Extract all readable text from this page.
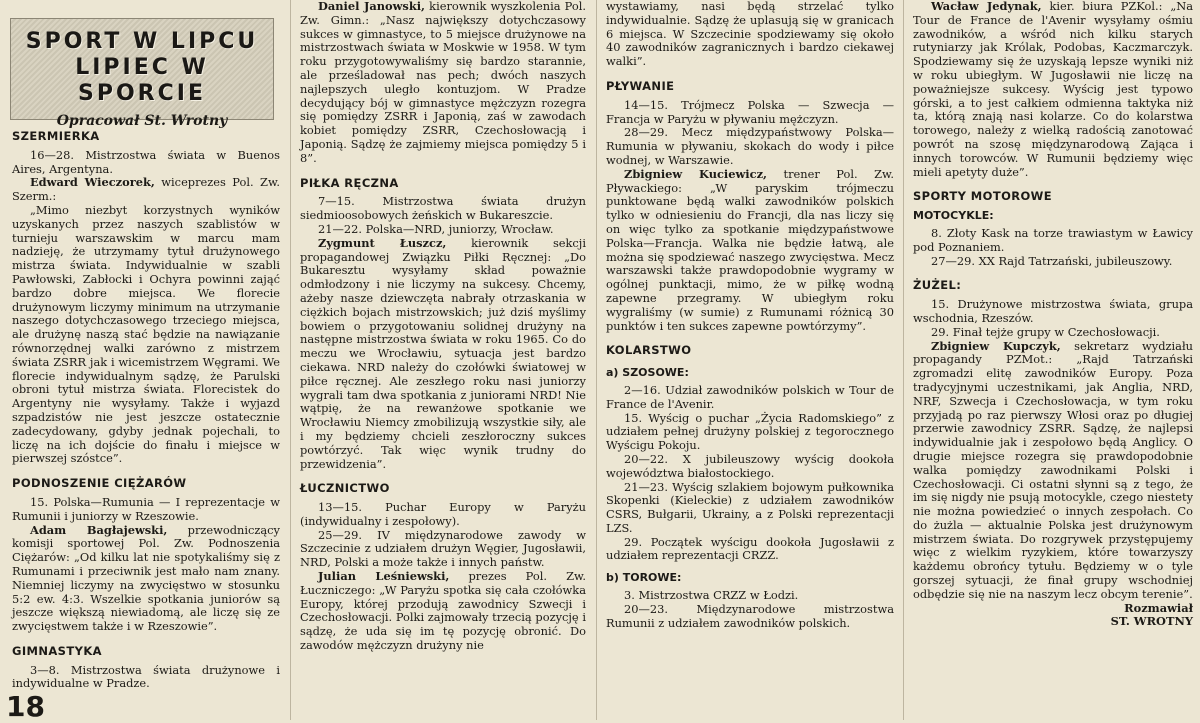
SPORT W LIPCU
LIPIEC W SPORCIE
Opracował St. Wrotny
SZERMIERKA

16—28. Mistrzostwa świata w Buenos Aires, Argentyna.

Edward Wieczorek, wiceprezes Pol. Zw. Szerm.:

„Mimo niezbyt korzystnych wyników uzyskanych przez naszych szablistów w turnieju warszawskim w marcu mam nadzieję, że utrzymamy tytuł drużynowego mistrza świata. Indywidualnie w szabli Pawłowski, Zabłocki i Ochyra powinni zająć bardzo dobre miejsca. We florecie drużynowym liczymy minimum na utrzymanie naszego dotychczasowego trzeciego miejsca, ale drużynę naszą stać będzie na nawiązanie równorzędnej walki zarówno z mistrzem świata ZSRR jak i wicemistrzem Węgrami. We florecie indywidualnym sądzę, że Parulski obroni tytuł mistrza świata. Florecistek do Argentyny nie wysyłamy. Także i wyjazd szpadzistów nie jest jeszcze ostatecznie zadecydowany, gdyby jednak pojechali, to liczę na ich dojście do finału i miejsce w pierwszej szóstce”.

PODNOSZENIE CIĘŻARÓW

15. Polska—Rumunia — I reprezentacje w Rumunii i juniorzy w Rzeszowie.

Adam Bagłajewski, przewodniczący komisji sportowej Pol. Zw. Podnoszenia Ciężarów: „Od kilku lat nie spotykaliśmy się z Rumunami i przeciwnik jest mało nam znany. Niemniej liczymy na zwycięstwo w stosunku 5:2 ew. 4:3. Wszelkie spotkania juniorów są jeszcze większą niewiadomą, ale liczę się ze zwycięstwem także i w Rzeszowie”.

GIMNASTYKA

3—8. Mistrzostwa świata drużynowe i indywidualne w Pradze.

Daniel Janowski, kierownik wyszkolenia Pol. Zw. Gimn.: „Nasz największy dotychczasowy sukces w gimnastyce, to 5 miejsce drużynowe na mistrzostwach świata w Moskwie w 1958. W tym roku przygotowywaliśmy się bardzo starannie, ale prześladował nas pech; dwóch naszych najlepszych uległo kontuzjom. W Pradze decydujący bój w gimnastyce mężczyzn rozegra się pomiędzy ZSRR i Japonią, zaś w zawodach kobiet pomiędzy ZSRR, Czechosłowacją i Japonią. Sądzę że zajmiemy miejsca pomiędzy 5 i 8”.

PIŁKA RĘCZNA

7—15. Mistrzostwa świata drużyn siedmioosobowych żeńskich w Bukareszcie.

21—22. Polska—NRD, juniorzy, Wrocław.

Zygmunt Łuszcz, kierownik sekcji propagandowej Związku Piłki Ręcznej: „Do Bukaresztu wysyłamy skład poważnie odmłodzony i nie liczymy na sukcesy. Chcemy, ażeby nasze dziewczęta nabrały otrzaskania w ciężkich bojach mistrzowskich; już dziś myślimy bowiem o przygotowaniu solidnej drużyny na następne mistrzostwa świata w roku 1965. Co do meczu we Wrocławiu, sytuacja jest bardzo ciekawa. NRD należy do czołówki światowej w piłce ręcznej. Ale zeszłego roku nasi juniorzy wygrali tam dwa spotkania z juniorami NRD! Nie wątpię, że na rewanżowe spotkanie we Wrocławiu Niemcy zmobilizują wszystkie siły, ale i my będziemy chcieli zeszłoroczny sukces powtórzyć. Tak więc wynik trudny do przewidzenia”.

ŁUCZNICTWO

13—15. Puchar Europy w Paryżu (indywidualny i zespołowy).

25—29. IV międzynarodowe zawody w Szczecinie z udziałem drużyn Węgier, Jugosławii, NRD, Polski a może także i innych państw.

Julian Leśniewski, prezes Pol. Zw. Łuczniczego: „W Paryżu spotka się cała czołówka Europy, której przodują zawodnicy Szwecji i Czechosłowacji. Polki zajmowały trzecią pozycję i sądzę, że uda się im tę pozycję obronić. Do zawodów mężczyzn drużyny nie

wystawiamy, nasi będą strzelać tylko indywidualnie. Sądzę że uplasują się w granicach 6 miejsca. W Szczecinie spodziewamy się około 40 zawodników zagranicznych i bardzo ciekawej walki”.

PŁYWANIE

14—15. Trójmecz Polska — Szwecja — Francja w Paryżu w pływaniu mężczyzn.

28—29. Mecz międzypaństwowy Polska—Rumunia w pływaniu, skokach do wody i piłce wodnej, w Warszawie.

Zbigniew Kuciewicz, trener Pol. Zw. Pływackiego: „W paryskim trójmeczu punktowane będą walki zawodników polskich tylko w odniesieniu do Francji, dla nas liczy się on więc tylko za spotkanie międzypaństwowe Polska—Francja. Walka nie będzie łatwą, ale można się spodziewać naszego zwycięstwa. Mecz warszawski także prawdopodobnie wygramy w ogólnej punktacji, mimo, że w piłkę wodną zapewne przegramy. W ubiegłym roku wygraliśmy (w sumie) z Rumunami różnicą 30 punktów i ten sukces zapewne powtórzymy”.

KOLARSTWO
a) SZOSOWE:

2—16. Udział zawodników polskich w Tour de France de l'Avenir.

15. Wyścig o puchar „Życia Radomskiego” z udziałem pełnej drużyny polskiej z tegorocznego Wyścigu Pokoju.

20—22. X jubileuszowy wyścig dookoła województwa białostockiego.

21—23. Wyścig szlakiem bojowym pułkownika Skopenki (Kieleckie) z udziałem zawodników CSRS, Bułgarii, Ukrainy, a z Polski reprezentacji LZS.

29. Początek wyścigu dookoła Jugosławii z udziałem reprezentacji CRZZ.

b) TOROWE:

3. Mistrzostwa CRZZ w Łodzi.

20—23. Międzynarodowe mistrzostwa Rumunii z udziałem zawodników polskich.

Wacław Jedynak, kier. biura PZKol.: „Na Tour de France de l'Avenir wysyłamy ośmiu zawodników, a wśród nich kilku starych rutyniarzy jak Królak, Podobas, Kaczmarczyk. Spodziewamy się że uzyskają lepsze wyniki niż w roku ubiegłym. W Jugosławii nie liczę na poważniejsze sukcesy. Wyścig jest typowo górski, a to jest całkiem odmienna taktyka niż ta, którą znają nasi kolarze. Co do kolarstwa torowego, należy z wielką radością zanotować powrót na szosę międzynarodową Zająca i innych torowców. W Rumunii będziemy więc mieli apetyty duże”.

SPORTY MOTOROWE
MOTOCYKLE:

8. Złoty Kask na torze trawiastym w Ławicy pod Poznaniem.

27—29. XX Rajd Tatrzański, jubileuszowy.

ŻUŻEL:

15. Drużynowe mistrzostwa świata, grupa wschodnia, Rzeszów.

29. Finał tejże grupy w Czechosłowacji.

Zbigniew Kupczyk, sekretarz wydziału propagandy PZMot.: „Rajd Tatrzański zgromadzi elitę zawodników Europy. Poza tradycyjnymi uczestnikami, jak Anglia, NRD, NRF, Szwecja i Czechosłowacja, w tym roku przyjadą po raz pierwszy Włosi oraz po długiej przerwie zawodnicy ZSRR. Sądzę, że najlepsi indywidualnie jak i zespołowo będą Anglicy. O drugie miejsce rozegra się prawdopodobnie walka pomiędzy zawodnikami Polski i Czechosłowacji. Ci ostatni słynni są z tego, że im się nigdy nie psują motocykle, czego niestety nie można powiedzieć o innych zespołach. Co do żużla — aktualnie Polska jest drużynowym mistrzem świata. Do rozgrywek przystępujemy więc z wielkim ryzykiem, które towarzyszy każdemu obrońcy tytułu. Będziemy w o tyle gorszej sytuacji, że finał grupy wschodniej odbędzie się nie na naszym lecz obcym terenie”.

Rozmawiał

ST. WROTNY

18
